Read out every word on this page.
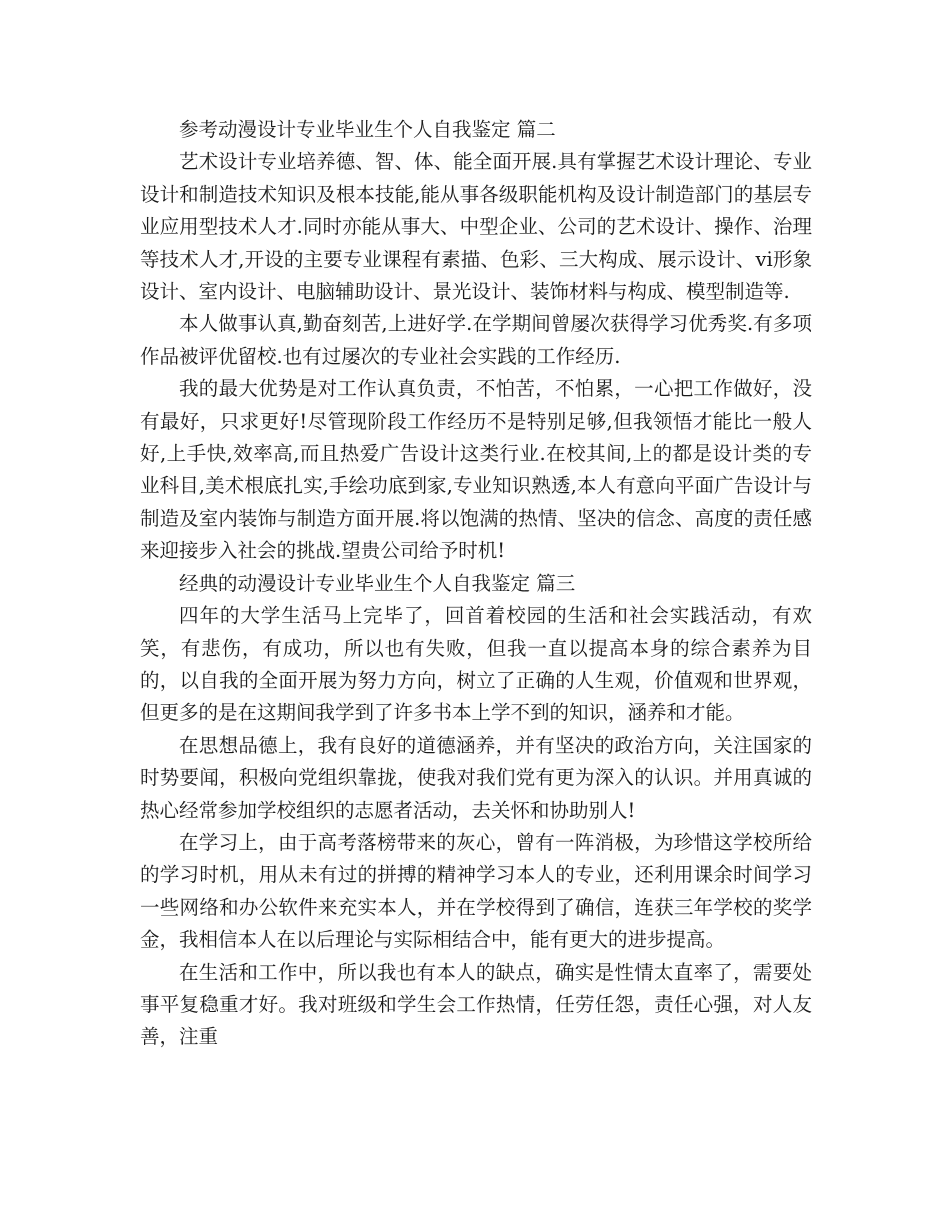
参考动漫设计专业毕业生个人自我鉴定 篇二

艺术设计专业培养德、智、体、能全面开展.具有掌握艺术设计理论、专业设计和制造技术知识及根本技能,能从事各级职能机构及设计制造部门的基层专业应用型技术人才.同时亦能从事大、中型企业、公司的艺术设计、操作、治理等技术人才,开设的主要专业课程有素描、色彩、三大构成、展示设计、vi形象设计、室内设计、电脑辅助设计、景光设计、装饰材料与构成、模型制造等.

本人做事认真,勤奋刻苦,上进好学.在学期间曾屡次获得学习优秀奖.有多项作品被评优留校.也有过屡次的专业社会实践的工作经历.

我的最大优势是对工作认真负责，不怕苦，不怕累，一心把工作做好，没有最好，只求更好!尽管现阶段工作经历不是特别足够,但我领悟才能比一般人好,上手快,效率高,而且热爱广告设计这类行业.在校其间,上的都是设计类的专业科目,美术根底扎实,手绘功底到家,专业知识熟透,本人有意向平面广告设计与制造及室内装饰与制造方面开展.将以饱满的热情、坚决的信念、高度的责任感来迎接步入社会的挑战.望贵公司给予时机!

经典的动漫设计专业毕业生个人自我鉴定 篇三

四年的大学生活马上完毕了，回首着校园的生活和社会实践活动，有欢笑，有悲伤，有成功，所以也有失败，但我一直以提高本身的综合素养为目的，以自我的全面开展为努力方向，树立了正确的人生观，价值观和世界观，但更多的是在这期间我学到了许多书本上学不到的知识，涵养和才能。

在思想品德上，我有良好的道德涵养，并有坚决的政治方向，关注国家的时势要闻，积极向党组织靠拢，使我对我们党有更为深入的认识。并用真诚的热心经常参加学校组织的志愿者活动，去关怀和协助别人!

在学习上，由于高考落榜带来的灰心，曾有一阵消极，为珍惜这学校所给的学习时机，用从未有过的拼搏的精神学习本人的专业，还利用课余时间学习一些网络和办公软件来充实本人，并在学校得到了确信，连获三年学校的奖学金，我相信本人在以后理论与实际相结合中，能有更大的进步提高。

在生活和工作中，所以我也有本人的缺点，确实是性情太直率了，需要处事平复稳重才好。我对班级和学生会工作热情，任劳任怨，责任心强，对人友善，注重
